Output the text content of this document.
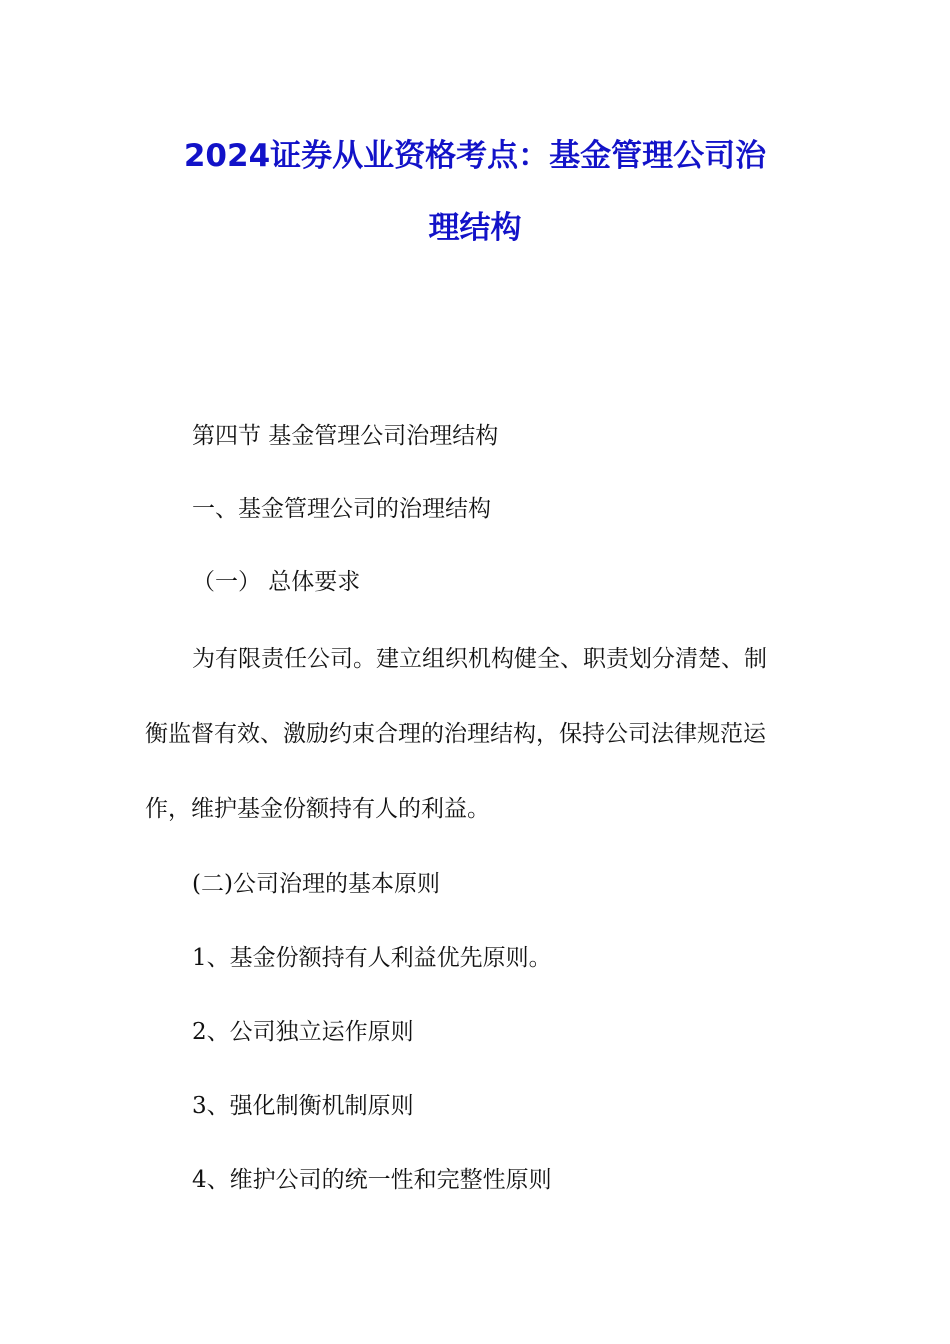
2024证券从业资格考点：基金管理公司治
理结构
第四节 基金管理公司治理结构
一、基金管理公司的治理结构
（一） 总体要求
为有限责任公司。建立组织机构健全、职责划分清楚、制
衡监督有效、激励约束合理的治理结构，保持公司法律规范运
作，维护基金份额持有人的利益。
(二)公司治理的基本原则
1、基金份额持有人利益优先原则。
2、公司独立运作原则
3、强化制衡机制原则
4、维护公司的统一性和完整性原则
